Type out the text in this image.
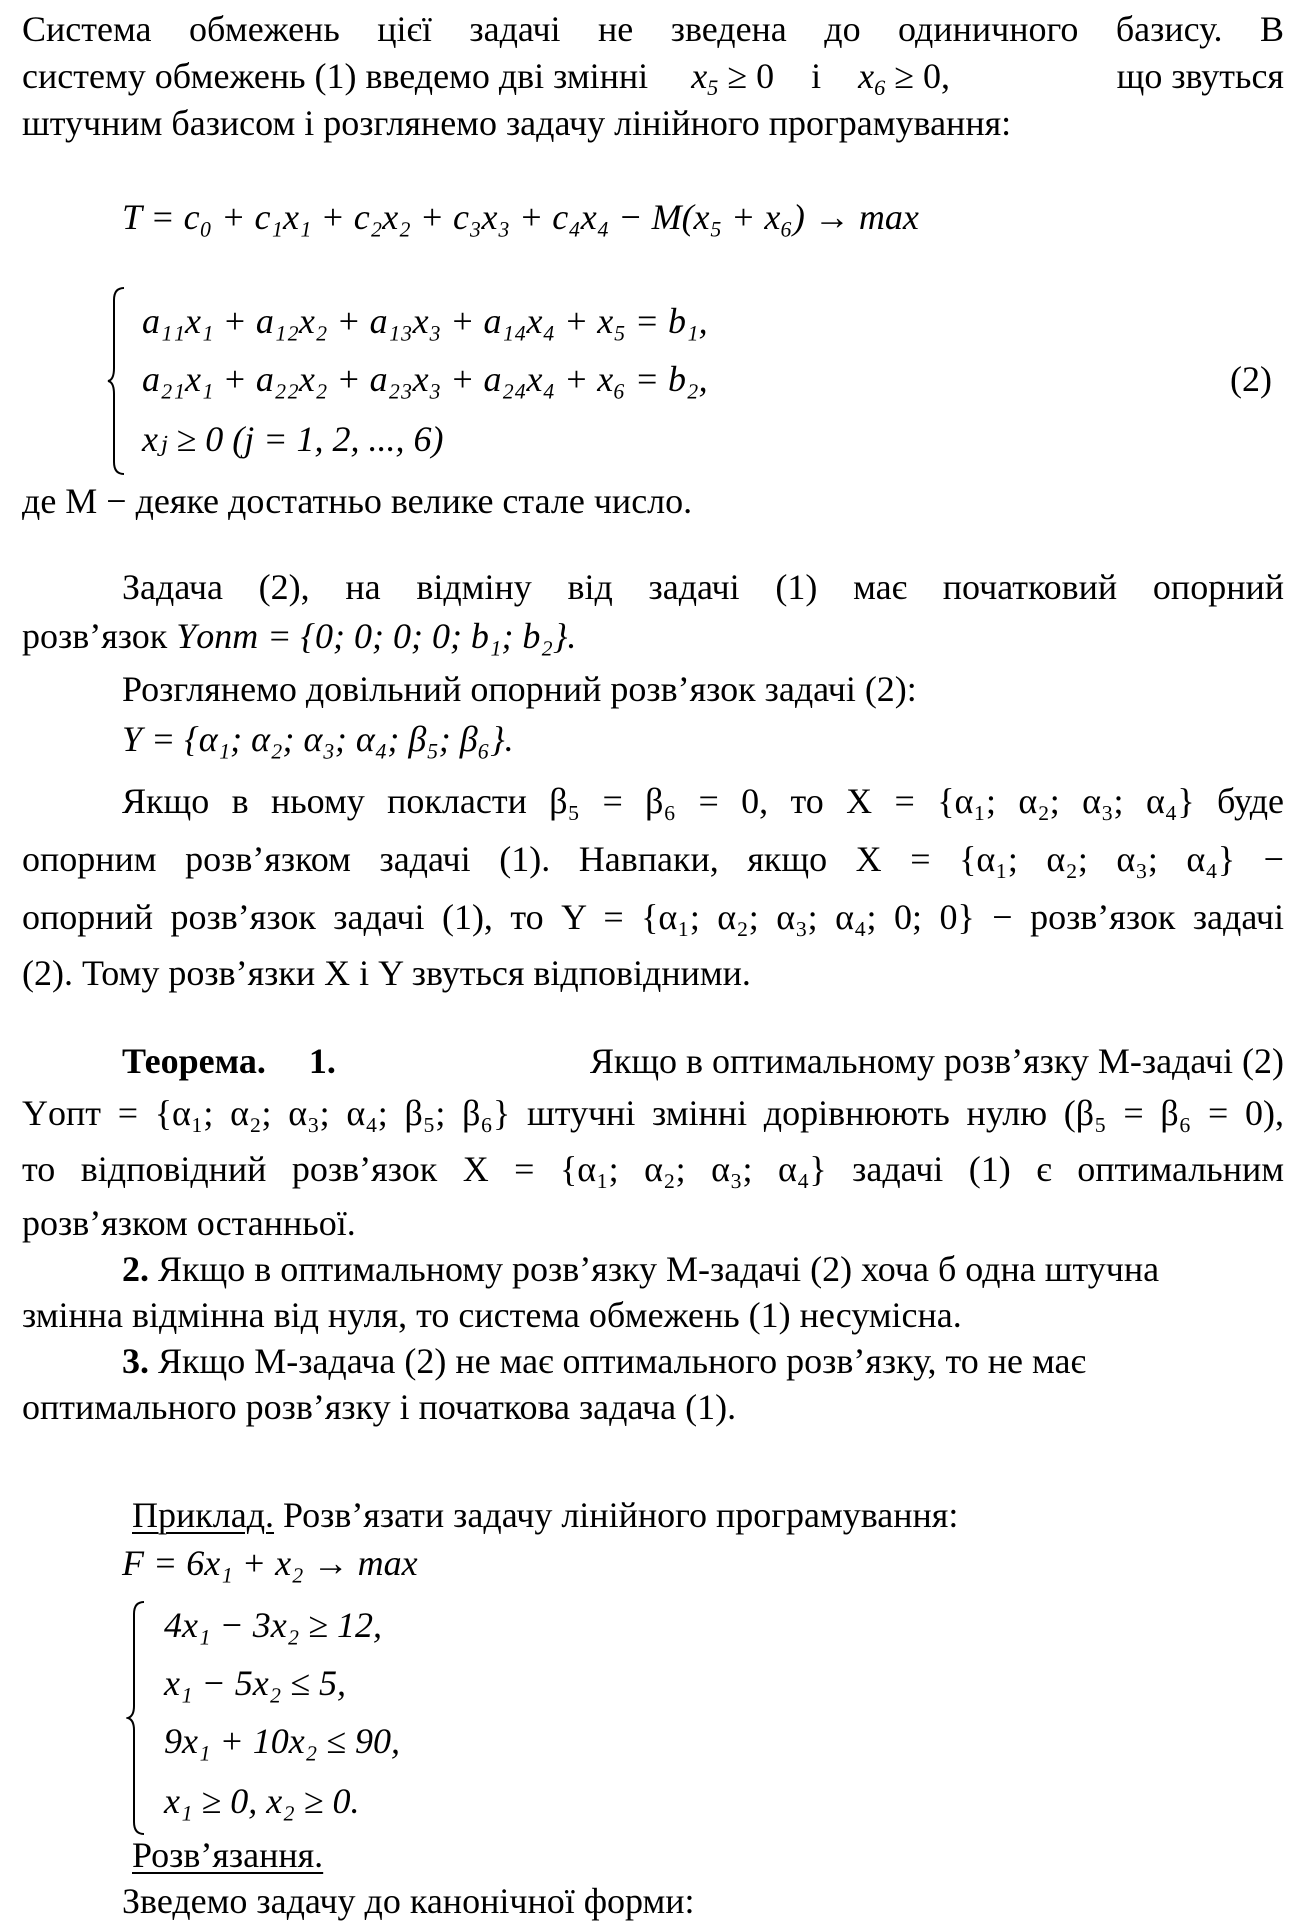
Система обмежень цієї задачі не зведена до одиничного базису. В
систему обмежень (1) введемо дві змінні $x_5 \ge 0$ і $x_6 \ge 0$,	що звуться
штучним базисом і розглянемо задачу лінійного програмування:
T = c₀ + c₁x₁ + c₂x₂ + c₃x₃ + c₄x₄ − M(x₅ + x₆) → max
a₁₁x₁ + a₁₂x₂ + a₁₃x₃ + a₁₄x₄ + x₅ = b₁,
a₂₁x₁ + a₂₂x₂ + a₂₃x₃ + a₂₄x₄ + x₆ = b₂,
xⱼ ≥ 0 (j = 1, 2, ..., 6)
(2)
де M − деяке достатньо велике стале число.
Задача (2), на відміну від задачі (1) має початковий опорний
розв’язок Yопт = {0; 0; 0; 0; b₁; b₂}.
Розглянемо довільний опорний розв’язок задачі (2):
Y = {α₁; α₂; α₃; α₄; β₅; β₆}.
Якщо в ньому покласти β₅ = β₆ = 0, то X = {α₁; α₂; α₃; α₄} буде
опорним розв’язком задачі (1). Навпаки, якщо X = {α₁; α₂; α₃; α₄} −
опорний розв’язок задачі (1), то Y = {α₁; α₂; α₃; α₄; 0; 0} − розв’язок задачі
(2). Тому розв’язки X і Y звуться відповідними.
Теорема. 1.	Якщо в оптимальному розв’язку M-задачі (2)
Yопт = {α₁; α₂; α₃; α₄; β₅; β₆} штучні змінні дорівнюють нулю (β₅ = β₆ = 0),
то відповідний розв’язок X = {α₁; α₂; α₃; α₄} задачі (1) є оптимальним
розв’язком останньої.
2. Якщо в оптимальному розв’язку M-задачі (2) хоча б одна штучна
змінна відмінна від нуля, то система обмежень (1) несумісна.
3. Якщо M-задача (2) не має оптимального розв’язку, то не має
оптимального розв’язку і початкова задача (1).
Приклад. Розв’язати задачу лінійного програмування:
F = 6x₁ + x₂ → max
4x₁ − 3x₂ ≥ 12,
x₁ − 5x₂ ≤ 5,
9x₁ + 10x₂ ≤ 90,
x₁ ≥ 0, x₂ ≥ 0.
Розв’язання.
Зведемо задачу до канонічної форми:
